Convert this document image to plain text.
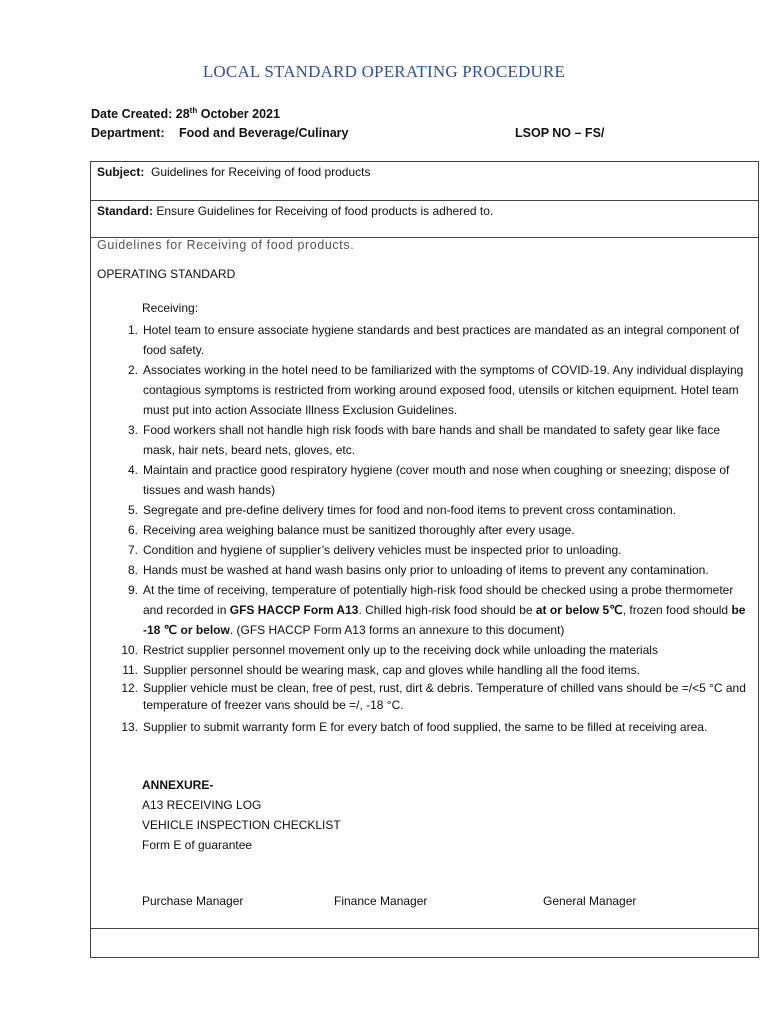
LOCAL STANDARD OPERATING PROCEDURE
Date Created: 28th October 2021
Department: Food and Beverage/Culinary	LSOP NO – FS/
Subject: Guidelines for Receiving of food products
Standard: Ensure Guidelines for Receiving of food products is adhered to.
Guidelines for Receiving of food products.
OPERATING STANDARD
Receiving:
1. Hotel team to ensure associate hygiene standards and best practices are mandated as an integral component of food safety.
2. Associates working in the hotel need to be familiarized with the symptoms of COVID-19. Any individual displaying contagious symptoms is restricted from working around exposed food, utensils or kitchen equipment. Hotel team must put into action Associate Illness Exclusion Guidelines.
3. Food workers shall not handle high risk foods with bare hands and shall be mandated to safety gear like face mask, hair nets, beard nets, gloves, etc.
4. Maintain and practice good respiratory hygiene (cover mouth and nose when coughing or sneezing; dispose of tissues and wash hands)
5. Segregate and pre-define delivery times for food and non-food items to prevent cross contamination.
6. Receiving area weighing balance must be sanitized thoroughly after every usage.
7. Condition and hygiene of supplier’s delivery vehicles must be inspected prior to unloading.
8. Hands must be washed at hand wash basins only prior to unloading of items to prevent any contamination.
9. At the time of receiving, temperature of potentially high-risk food should be checked using a probe thermometer and recorded in GFS HACCP Form A13. Chilled high-risk food should be at or below 5℃, frozen food should be -18 ℃ or below. (GFS HACCP Form A13 forms an annexure to this document)
10. Restrict supplier personnel movement only up to the receiving dock while unloading the materials
11. Supplier personnel should be wearing mask, cap and gloves while handling all the food items.
12. Supplier vehicle must be clean, free of pest, rust, dirt & debris. Temperature of chilled vans should be =/<5 °C and temperature of freezer vans should be =/, -18 °C.
13. Supplier to submit warranty form E for every batch of food supplied, the same to be filled at receiving area.
ANNEXURE-
A13 RECEIVING LOG
VEHICLE INSPECTION CHECKLIST
Form E of guarantee
Purchase Manager	Finance Manager	General Manager
